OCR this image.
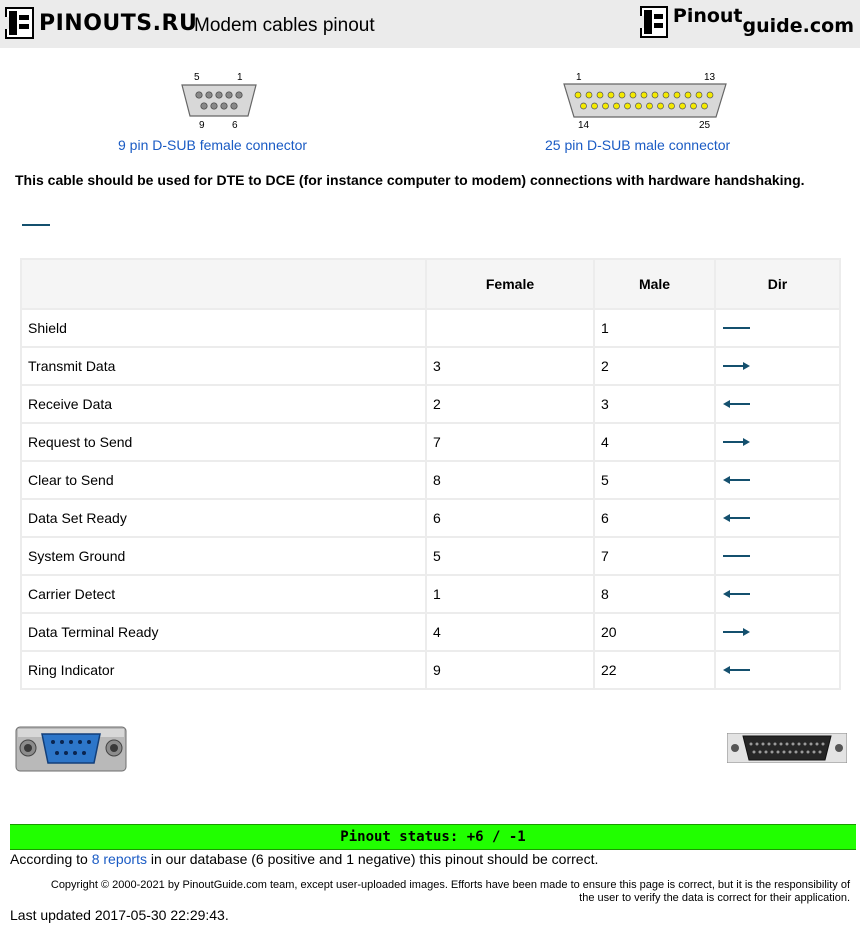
PINOUTS.RU
Modem cables pinout	Pinout guide.com
5	1
9	6
9 pin D-SUB female connector
1	13
14	25
25 pin D-SUB male connector
This cable should be used for DTE to DCE (for instance computer to modem) connections with hardware handshaking.
	Female	Male	Dir
Shield		1	

Transmit Data	3	2	

Receive Data	2	3	

Request to Send	7	4	

Clear to Send	8	5	

Data Set Ready	6	6	

System Ground	5	7	

Carrier Detect	1	8	

Data Terminal Ready	4	20	

Ring Indicator	9	22	
Pinout status: +6 / -1
According to 8 reports in our database (6 positive and 1 negative) this pinout should be correct.
Copyright © 2000-2021 by PinoutGuide.com team, except user-uploaded images. Efforts have been made to ensure this page is correct, but it is the responsibility of the user to verify the data is correct for their application.
Last updated 2017-05-30 22:29:43.
